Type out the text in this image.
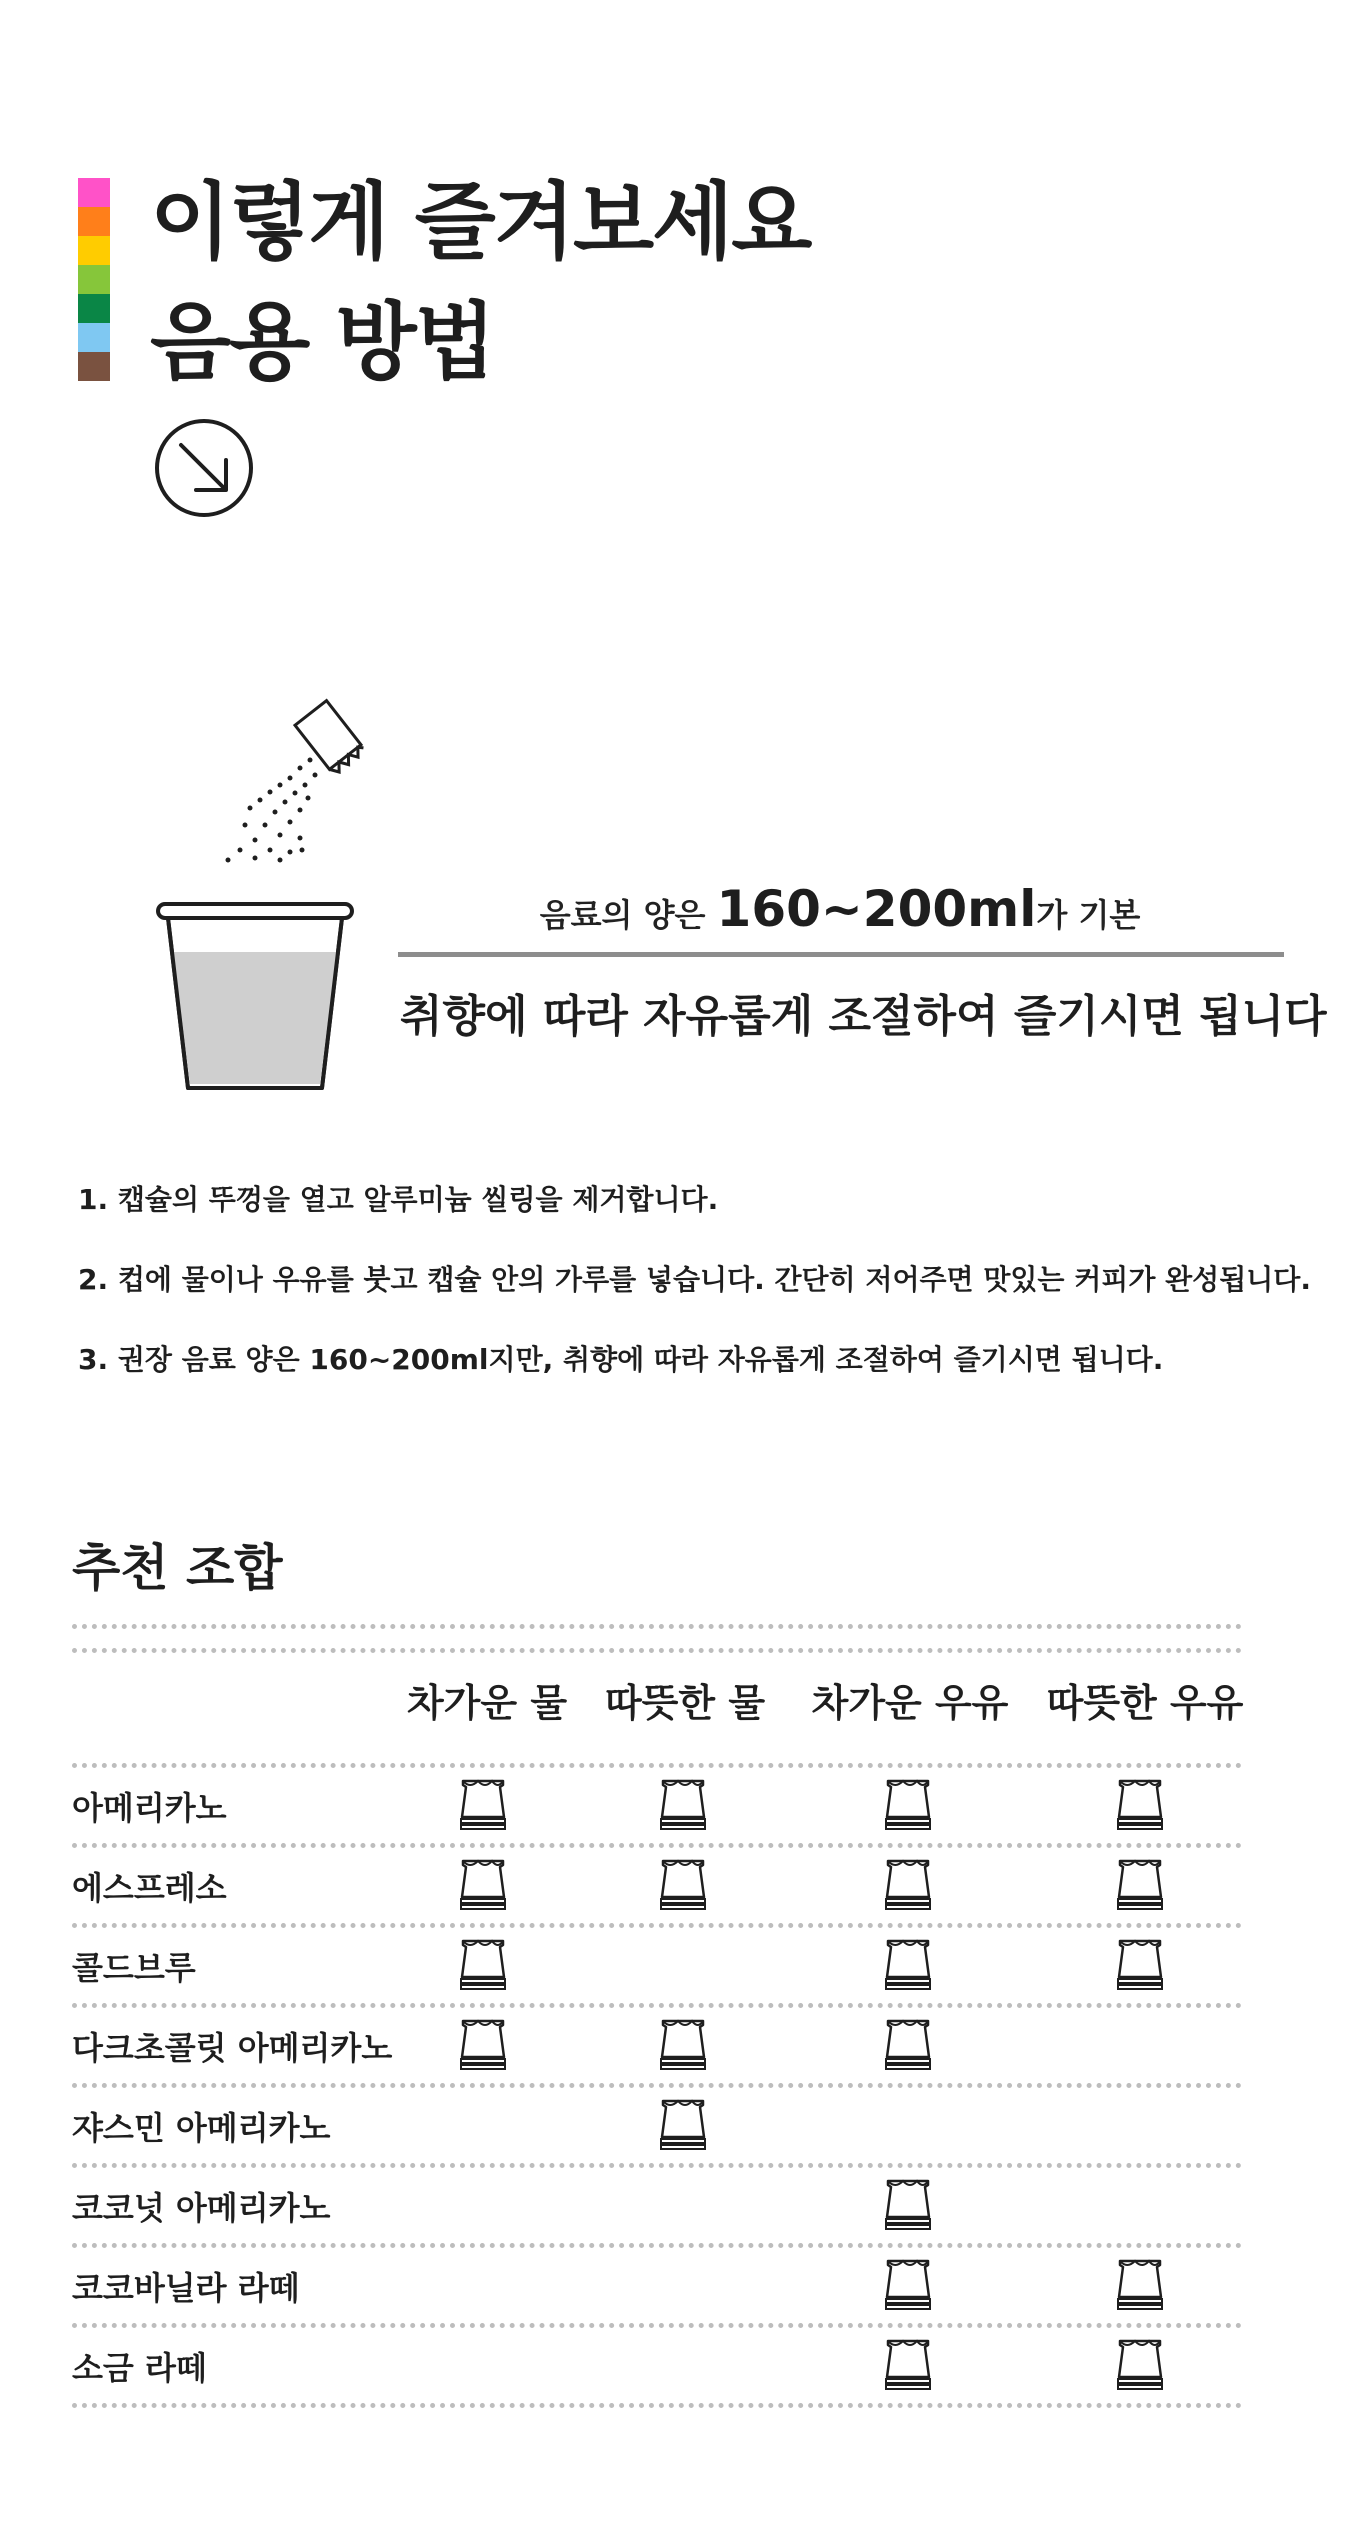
이렇게 즐겨보세요
음용 방법
음료의 양은 160~200ml가 기본
취향에 따라 자유롭게 조절하여 즐기시면 됩니다
1. 캡슐의 뚜껑을 열고 알루미늄 씰링을 제거합니다.
2. 컵에 물이나 우유를 붓고 캡슐 안의 가루를 넣습니다. 간단히 저어주면 맛있는 커피가 완성됩니다.
3. 권장 음료 양은 160~200ml지만, 취향에 따라 자유롭게 조절하여 즐기시면 됩니다.
추천 조합
차가운 물 따뜻한 물	차가운 우유	따뜻한 우유
아메리카노
에스프레소
콜드브루
다크초콜릿 아메리카노
쟈스민 아메리카노
코코넛 아메리카노
코코바닐라 라떼
소금 라떼
